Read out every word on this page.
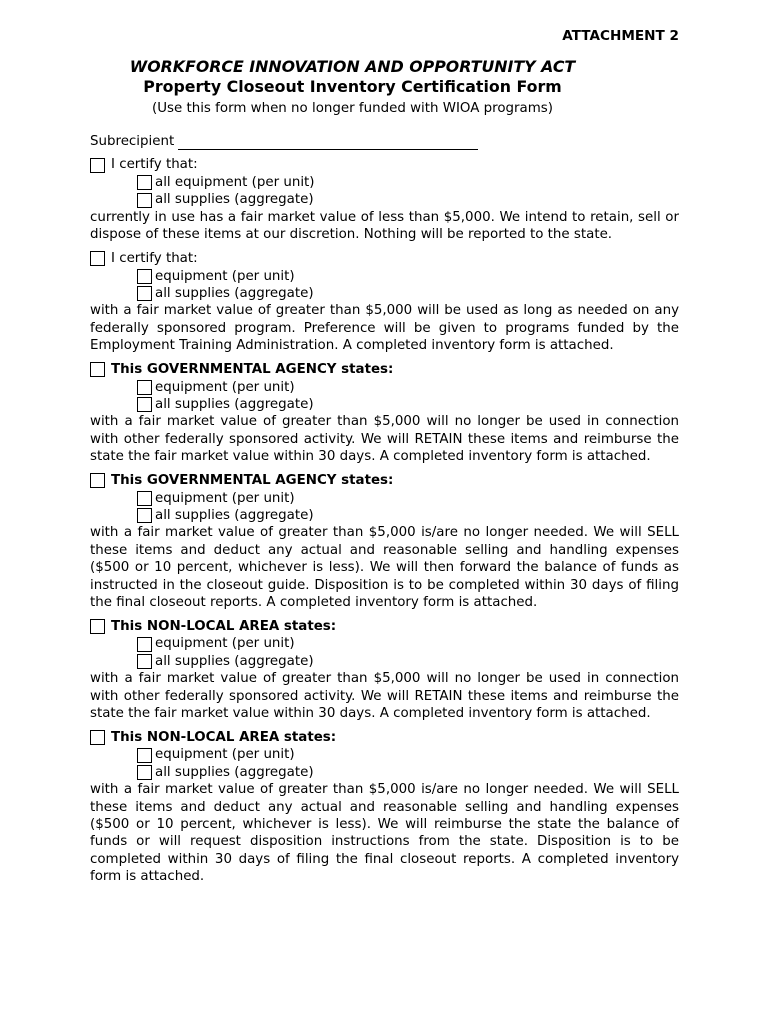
ATTACHMENT 2
WORKFORCE INNOVATION AND OPPORTUNITY ACT
Property Closeout Inventory Certification Form
(Use this form when no longer funded with WIOA programs)
Subrecipient
I certify that:
all equipment (per unit)
all supplies (aggregate)

currently in use has a fair market value of less than $5,000. We intend to retain, sell or dispose of these items at our discretion. Nothing will be reported to the state.

I certify that:
equipment (per unit)
all supplies (aggregate)

with a fair market value of greater than $5,000 will be used as long as needed on any federally sponsored program. Preference will be given to programs funded by the Employment Training Administration. A completed inventory form is attached.

This GOVERNMENTAL AGENCY states:
equipment (per unit)
all supplies (aggregate)

with a fair market value of greater than $5,000 will no longer be used in connection with other federally sponsored activity. We will RETAIN these items and reimburse the state the fair market value within 30 days. A completed inventory form is attached.

This GOVERNMENTAL AGENCY states:
equipment (per unit)
all supplies (aggregate)

with a fair market value of greater than $5,000 is/are no longer needed. We will SELL these items and deduct any actual and reasonable selling and handling expenses ($500 or 10 percent, whichever is less). We will then forward the balance of funds as instructed in the closeout guide. Disposition is to be completed within 30 days of filing the final closeout reports. A completed inventory form is attached.

This NON-LOCAL AREA states:
equipment (per unit)
all supplies (aggregate)

with a fair market value of greater than $5,000 will no longer be used in connection with other federally sponsored activity. We will RETAIN these items and reimburse the state the fair market value within 30 days. A completed inventory form is attached.

This NON-LOCAL AREA states:
equipment (per unit)
all supplies (aggregate)

with a fair market value of greater than $5,000 is/are no longer needed. We will SELL these items and deduct any actual and reasonable selling and handling expenses ($500 or 10 percent, whichever is less). We will reimburse the state the balance of funds or will request disposition instructions from the state. Disposition is to be completed within 30 days of filing the final closeout reports. A completed inventory form is attached.
